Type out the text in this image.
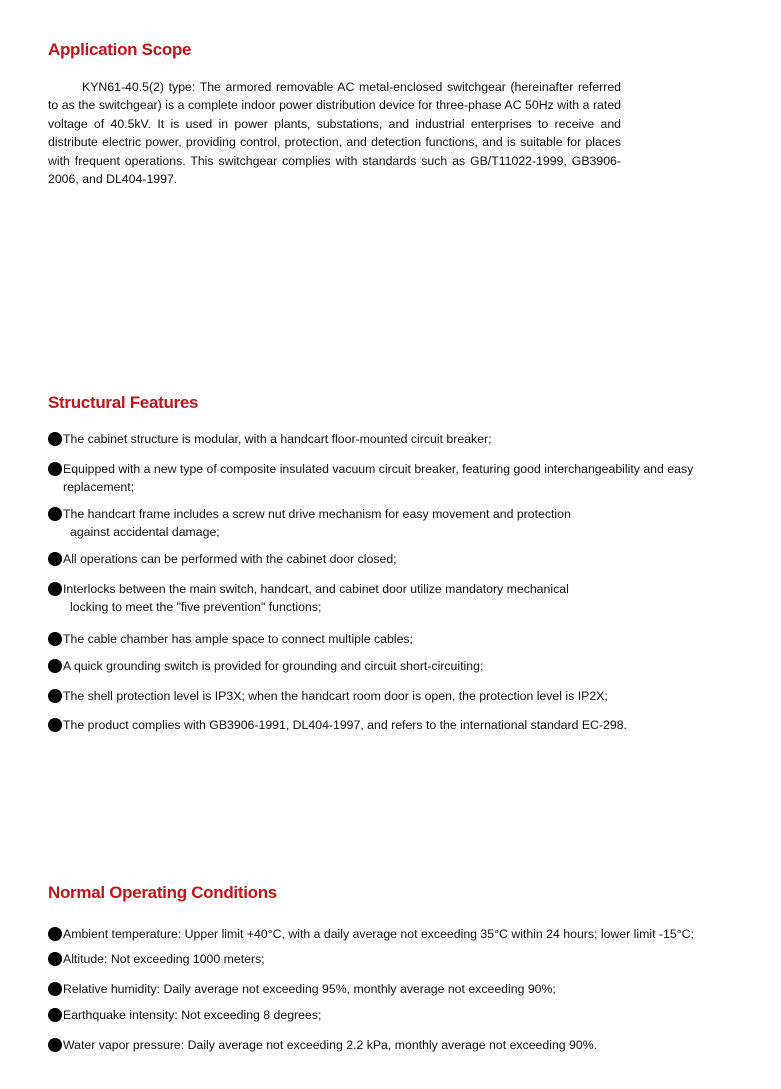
Application Scope

KYN61-40.5(2) type: The armored removable AC metal-enclosed switchgear (hereinafter referred to as the switchgear) is a complete indoor power distribution device for three-phase AC 50Hz with a rated voltage of 40.5kV. It is used in power plants, substations, and industrial enterprises to receive and distribute electric power, providing control, protection, and detection functions, and is suitable for places with frequent operations. This switchgear complies with standards such as GB/T11022-1999, GB3906-2006, and DL404-1997.

Structural Features
The cabinet structure is modular, with a handcart floor-mounted circuit breaker;
Equipped with a new type of composite insulated vacuum circuit breaker, featuring good interchangeability and easy
replacement;
The handcart frame includes a screw nut drive mechanism for easy movement and protection
against accidental damage;
All operations can be performed with the cabinet door closed;
Interlocks between the main switch, handcart, and cabinet door utilize mandatory mechanical
locking to meet the "five prevention" functions;
The cable chamber has ample space to connect multiple cables;
A quick grounding switch is provided for grounding and circuit short-circuiting;
The shell protection level is IP3X; when the handcart room door is open, the protection level is IP2X;
The product complies with GB3906-1991, DL404-1997, and refers to the international standard EC-298.
Normal Operating Conditions
Ambient temperature: Upper limit +40°C, with a daily average not exceeding 35°C within 24 hours; lower limit -15°C;
Altitude: Not exceeding 1000 meters;
Relative humidity: Daily average not exceeding 95%, monthly average not exceeding 90%;
Earthquake intensity: Not exceeding 8 degrees;
Water vapor pressure: Daily average not exceeding 2.2 kPa, monthly average not exceeding 90%.
